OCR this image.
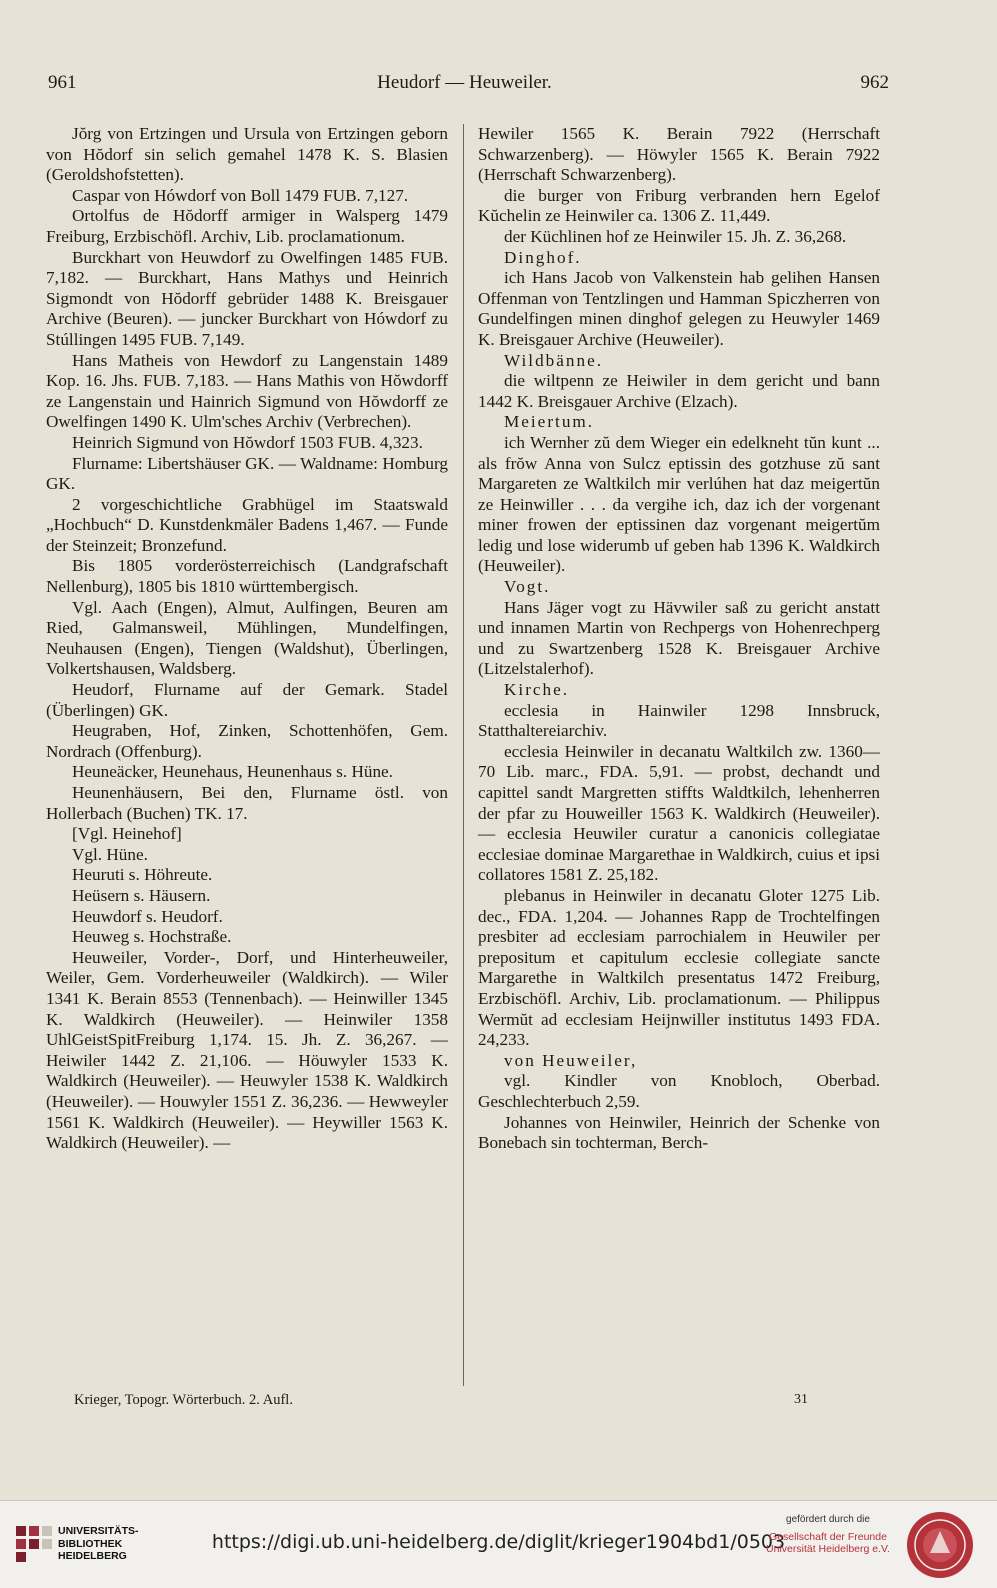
961	Heudorf — Heuweiler.	962

Jŏrg von Ertzingen und Ursula von Ertzingen geborn von Hŏdorf sin selich gemahel 1478 K. S. Blasien (Geroldshofstetten).

Caspar von Hówdorf von Boll 1479 FUB. 7,127.

Ortolfus de Hŏdorff armiger in Walsperg 1479 Freiburg, Erzbischöfl. Archiv, Lib. proclamationum.

Burckhart von Heuwdorf zu Owelfingen 1485 FUB. 7,182. — Burckhart, Hans Mathys und Heinrich Sigmondt von Hŏdorff gebrüder 1488 K. Breisgauer Archive (Beuren). — juncker Burckhart von Hówdorf zu Stúllingen 1495 FUB. 7,149.

Hans Matheis von Hewdorf zu Langenstain 1489 Kop. 16. Jhs. FUB. 7,183. — Hans Mathis von Hŏwdorff ze Langenstain und Hainrich Sigmund von Hŏwdorff ze Owelfingen 1490 K. Ulm'sches Archiv (Verbrechen).

Heinrich Sigmund von Hŏwdorf 1503 FUB. 4,323.

Flurname: Libertshäuser GK. — Waldname: Homburg GK.

2 vorgeschichtliche Grabhügel im Staatswald „Hochbuch“ D. Kunstdenkmäler Badens 1,467. — Funde der Steinzeit; Bronzefund.

Bis 1805 vorderösterreichisch (Landgrafschaft Nellenburg), 1805 bis 1810 württembergisch.

Vgl. Aach (Engen), Almut, Aulfingen, Beuren am Ried, Galmansweil, Mühlingen, Mundelfingen, Neuhausen (Engen), Tiengen (Waldshut), Überlingen, Volkertshausen, Waldsberg.

Heudorf, Flurname auf der Gemark. Stadel (Überlingen) GK.

Heugraben, Hof, Zinken, Schottenhöfen, Gem. Nordrach (Offenburg).

Heuneäcker, Heunehaus, Heunenhaus s. Hüne.

Heunenhäusern, Bei den, Flurname östl. von Hollerbach (Buchen) TK. 17.

[Vgl. Heinehof]

Vgl. Hüne.

Heuruti s. Höhreute.

Heüsern s. Häusern.

Heuwdorf s. Heudorf.

Heuweg s. Hochstraße.

Heuweiler, Vorder-, Dorf, und Hinterheuweiler, Weiler, Gem. Vorderheuweiler (Waldkirch). — Wiler 1341 K. Berain 8553 (Tennenbach). — Heinwiller 1345 K. Waldkirch (Heuweiler). — Heinwiler 1358 UhlGeistSpitFreiburg 1,174. 15. Jh. Z. 36,267. — Heiwiler 1442 Z. 21,106. — Höuwyler 1533 K. Waldkirch (Heuweiler). — Heuwyler 1538 K. Waldkirch (Heuweiler). — Houwyler 1551 Z. 36,236. — Hewweyler 1561 K. Waldkirch (Heuweiler). — Heywiller 1563 K. Waldkirch (Heuweiler). —

Hewiler 1565 K. Berain 7922 (Herrschaft Schwarzenberg). — Höwyler 1565 K. Berain 7922 (Herrschaft Schwarzenberg).

die burger von Friburg verbranden hern Egelof Kŭchelin ze Heinwiler ca. 1306 Z. 11,449.

der Küchlinen hof ze Heinwiler 15. Jh. Z. 36,268.

Dinghof.

ich Hans Jacob von Valkenstein hab gelihen Hansen Offenman von Tentzlingen und Hamman Spiczherren von Gundelfingen minen dinghof gelegen zu Heuwyler 1469 K. Breisgauer Archive (Heuweiler).

Wildbänne.

die wiltpenn ze Heiwiler in dem gericht und bann 1442 K. Breisgauer Archive (Elzach).

Meiertum.

ich Wernher zŭ dem Wieger ein edelkneht tŭn kunt ... als frŏw Anna von Sulcz eptissin des gotzhuse zŭ sant Margareten ze Waltkilch mir verlúhen hat daz meigertŭn ze Heinwiller . . . da vergihe ich, daz ich der vorgenant miner frowen der eptissinen daz vorgenant meigertŭm ledig und lose widerumb uf geben hab 1396 K. Waldkirch (Heuweiler).

Vogt.

Hans Jäger vogt zu Hävwiler saß zu gericht anstatt und innamen Martin von Rechpergs von Hohenrechperg und zu Swartzenberg 1528 K. Breisgauer Archive (Litzelstalerhof).

Kirche.

ecclesia in Hainwiler 1298 Innsbruck, Statthaltereiarchiv.

ecclesia Heinwiler in decanatu Waltkilch zw. 1360—70 Lib. marc., FDA. 5,91. — probst, dechandt und capittel sandt Margretten stiffts Waldtkilch, lehenherren der pfar zu Houweiller 1563 K. Waldkirch (Heuweiler). — ecclesia Heuwiler curatur a canonicis collegiatae ecclesiae dominae Margarethae in Waldkirch, cuius et ipsi collatores 1581 Z. 25,182.

plebanus in Heinwiler in decanatu Gloter 1275 Lib. dec., FDA. 1,204. — Johannes Rapp de Trochtelfingen presbiter ad ecclesiam parrochialem in Heuwiler per prepositum et capitulum ecclesie collegiate sancte Margarethe in Waltkilch presentatus 1472 Freiburg, Erzbischöfl. Archiv, Lib. proclamationum. — Philippus Wermŭt ad ecclesiam Heijnwiller institutus 1493 FDA. 24,233.

von Heuweiler,

vgl. Kindler von Knobloch, Oberbad. Geschlechterbuch 2,59.

Johannes von Heinwiler, Heinrich der Schenke von Bonebach sin tochterman, Berch-

Krieger, Topogr. Wörterbuch. 2. Aufl.	31
UNIVERSITÄTS-
BIBLIOTHEK
HEIDELBERG
https://digi.ub.uni-heidelberg.de/diglit/krieger1904bd1/0503
gefördert durch die
Gesellschaft der Freunde
Universität Heidelberg e.V.
